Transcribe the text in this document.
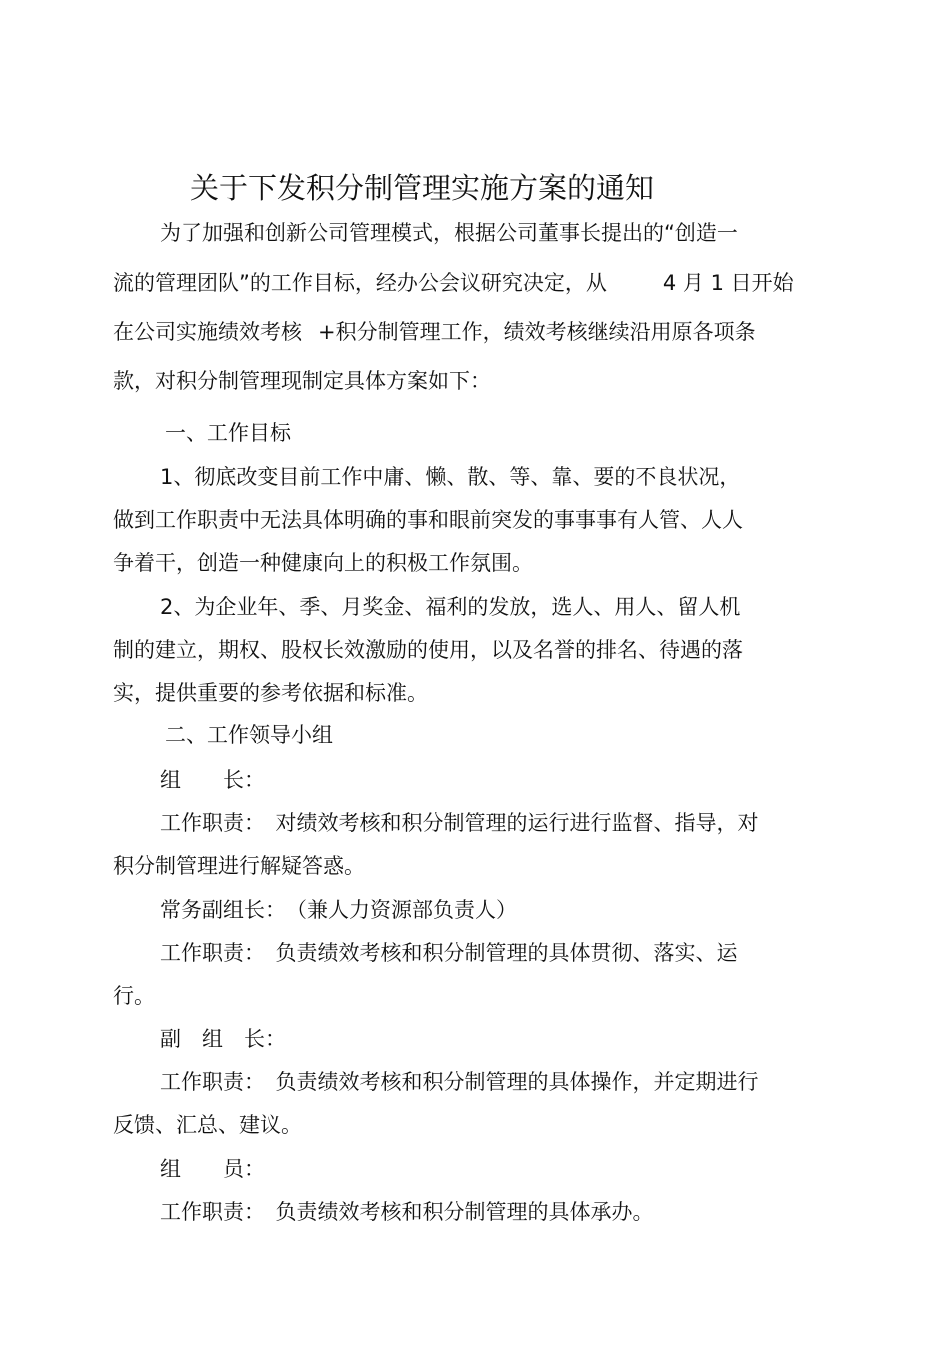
关于下发积分制管理实施方案的通知
为了加强和创新公司管理模式，根据公司董事长提出的“创造一
流的管理团队”的工作目标，经办公会议研究决定，从	4 月 1 日开始
在公司实施绩效考核 +积分制管理工作，绩效考核继续沿用原各项条
款，对积分制管理现制定具体方案如下：
一、工作目标
1、彻底改变目前工作中庸、懒、散、等、靠、要的不良状况，
做到工作职责中无法具体明确的事和眼前突发的事事事有人管、人人
争着干，创造一种健康向上的积极工作氛围。
2、为企业年、季、月奖金、福利的发放，选人、用人、留人机
制的建立，期权、股权长效激励的使用，以及名誉的排名、待遇的落
实，提供重要的参考依据和标准。
二、工作领导小组
组　　长：
工作职责：　对绩效考核和积分制管理的运行进行监督、指导，对
积分制管理进行解疑答惑。
常务副组长：　（兼人力资源部负责人）
工作职责：　负责绩效考核和积分制管理的具体贯彻、落实、运
行。
副　组　长：
工作职责：　负责绩效考核和积分制管理的具体操作，并定期进行
反馈、汇总、建议。
组　　员：
工作职责：　负责绩效考核和积分制管理的具体承办。
